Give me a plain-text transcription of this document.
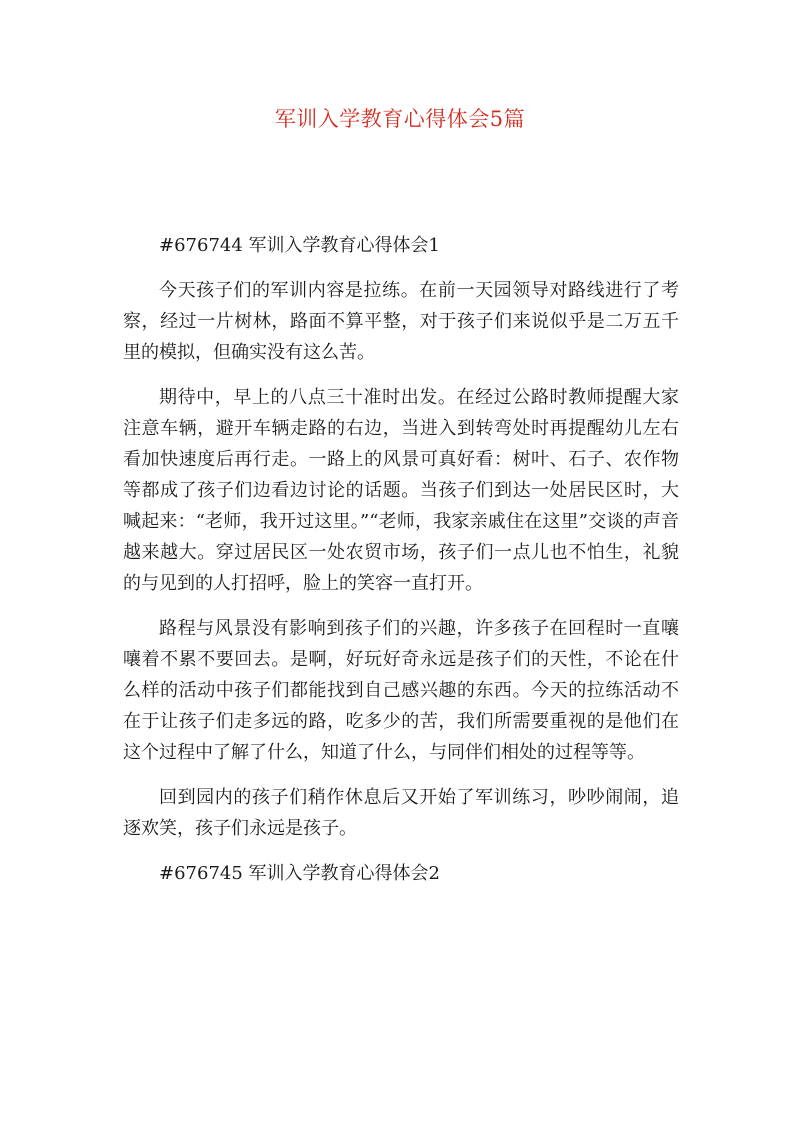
军训入学教育心得体会5篇
#676744 军训入学教育心得体会1

今天孩子们的军训内容是拉练。在前一天园领导对路线进行了考察，经过一片树林，路面不算平整，对于孩子们来说似乎是二万五千里的模拟，但确实没有这么苦。

期待中，早上的八点三十准时出发。在经过公路时教师提醒大家注意车辆，避开车辆走路的右边，当进入到转弯处时再提醒幼儿左右看加快速度后再行走。一路上的风景可真好看：树叶、石子、农作物等都成了孩子们边看边讨论的话题。当孩子们到达一处居民区时，大喊起来：“老师，我开过这里。”“老师，我家亲戚住在这里”交谈的声音越来越大。穿过居民区一处农贸市场，孩子们一点儿也不怕生，礼貌的与见到的人打招呼，脸上的笑容一直打开。

路程与风景没有影响到孩子们的兴趣，许多孩子在回程时一直嚷嚷着不累不要回去。是啊，好玩好奇永远是孩子们的天性，不论在什么样的活动中孩子们都能找到自己感兴趣的东西。今天的拉练活动不在于让孩子们走多远的路，吃多少的苦，我们所需要重视的是他们在这个过程中了解了什么，知道了什么，与同伴们相处的过程等等。

回到园内的孩子们稍作休息后又开始了军训练习，吵吵闹闹，追逐欢笑，孩子们永远是孩子。

#676745 军训入学教育心得体会2
